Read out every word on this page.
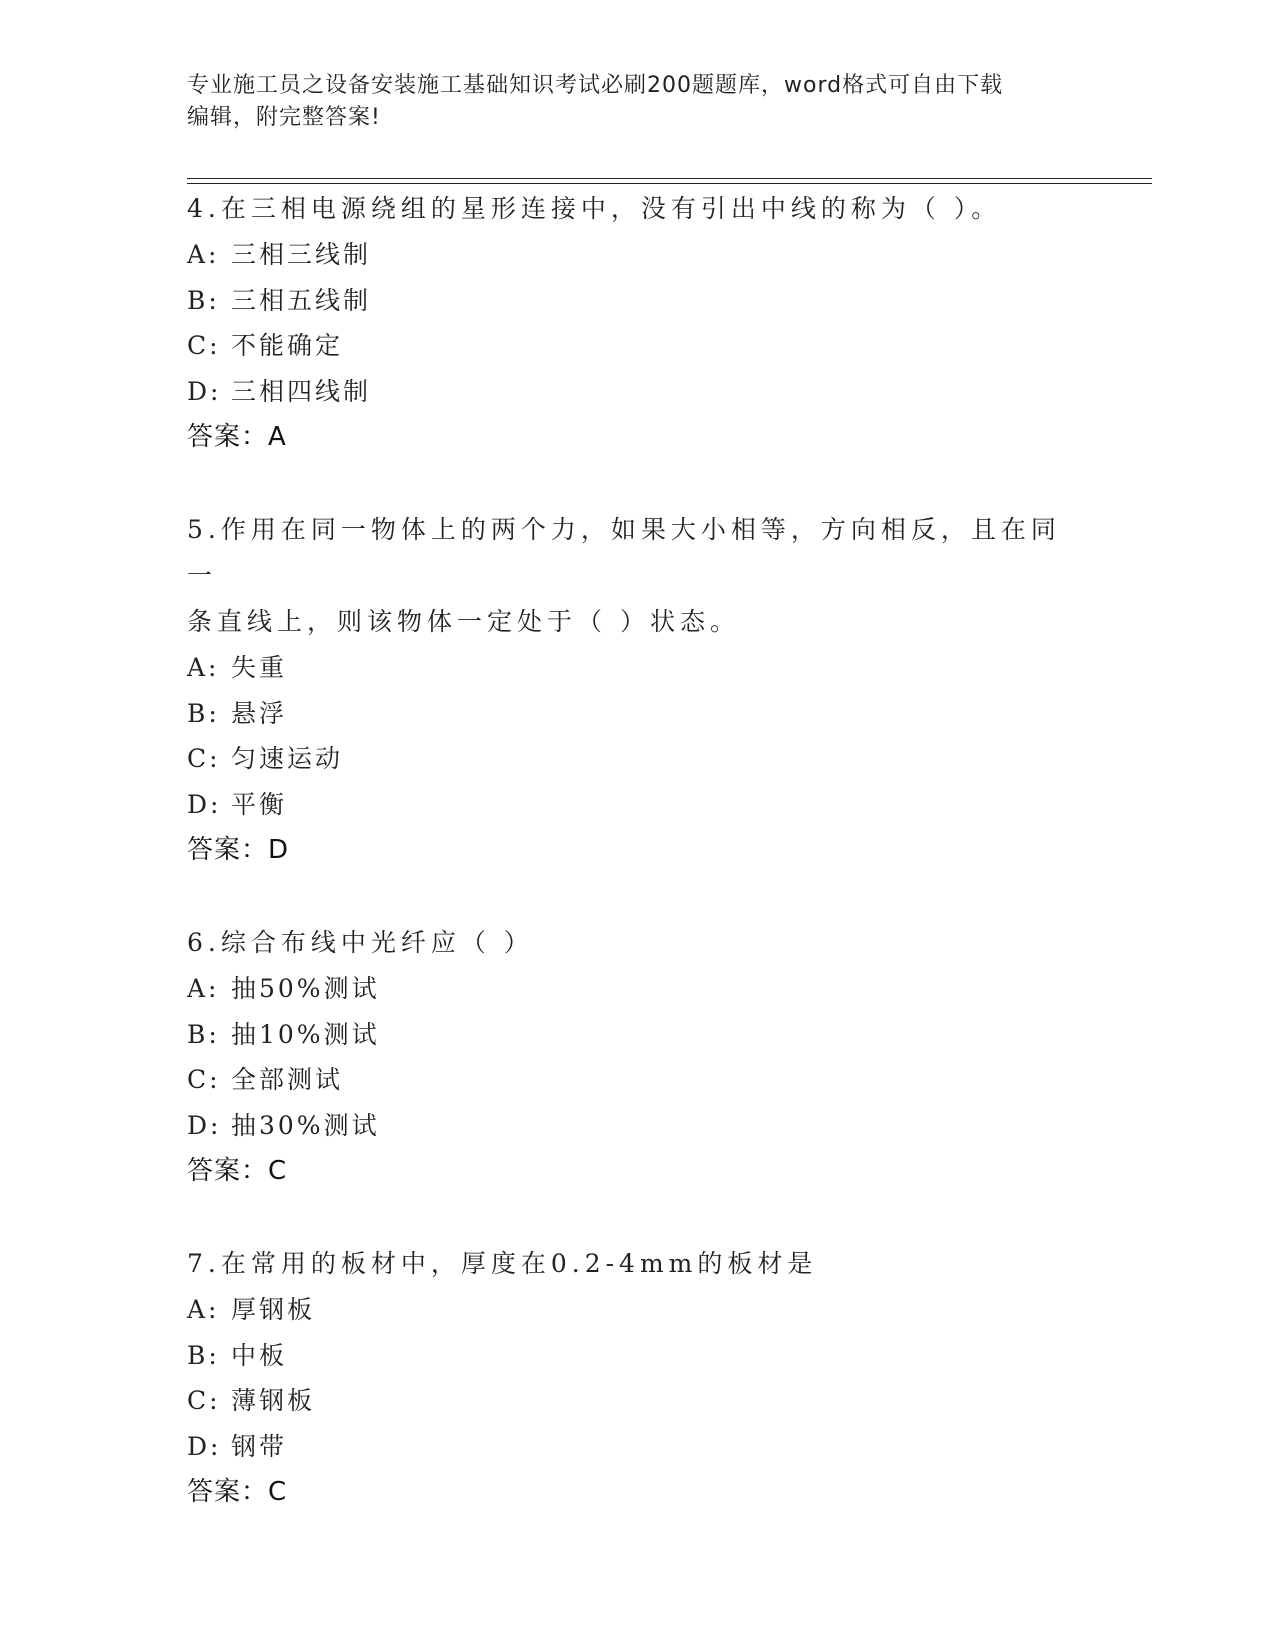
专业施工员之设备安装施工基础知识考试必刷200题题库，word格式可自由下载
编辑，附完整答案!

4.在三相电源绕组的星形连接中，没有引出中线的称为（ ）。

A: 三相三线制

B: 三相五线制

C: 不能确定

D: 三相四线制

答案：A

5.作用在同一物体上的两个力，如果大小相等，方向相反，且在同一

条直线上，则该物体一定处于（ ）状态。

A: 失重

B: 悬浮

C: 匀速运动

D: 平衡

答案：D

6.综合布线中光纤应（ ）

A: 抽50%测试

B: 抽10%测试

C: 全部测试

D: 抽30%测试

答案：C

7.在常用的板材中，厚度在0.2-4mm的板材是

A: 厚钢板

B: 中板

C: 薄钢板

D: 钢带

答案：C
